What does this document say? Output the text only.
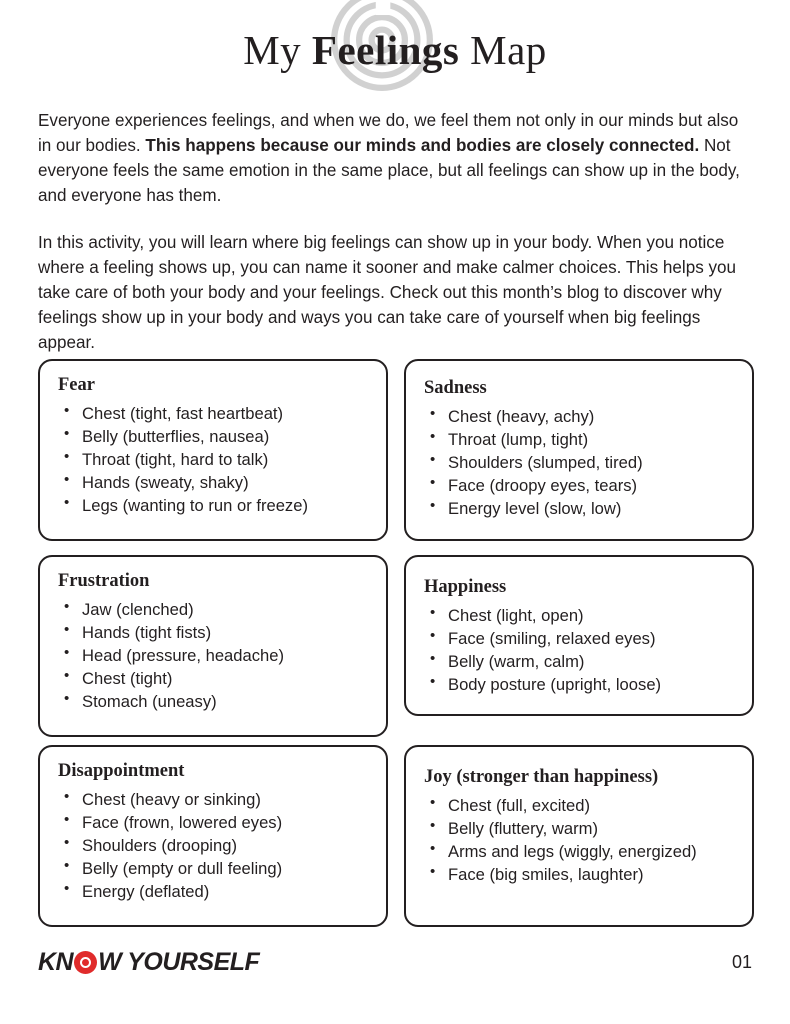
My Feelings Map

Everyone experiences feelings, and when we do, we feel them not only in our minds but also in our bodies. This happens because our minds and bodies are closely connected. Not everyone feels the same emotion in the same place, but all feelings can show up in the body, and everyone has them.

In this activity, you will learn where big feelings can show up in your body. When you notice where a feeling shows up, you can name it sooner and make calmer choices. This helps you take care of both your body and your feelings. Check out this month’s blog to discover why feelings show up in your body and ways you can take care of yourself when big feelings appear.

Fear
• Chest (tight, fast heartbeat)
• Belly (butterflies, nausea)
• Throat (tight, hard to talk)
• Hands (sweaty, shaky)
• Legs (wanting to run or freeze)
Sadness
• Chest (heavy, achy)
• Throat (lump, tight)
• Shoulders (slumped, tired)
• Face (droopy eyes, tears)
• Energy level (slow, low)
Frustration
• Jaw (clenched)
• Hands (tight fists)
• Head (pressure, headache)
• Chest (tight)
• Stomach (uneasy)
Happiness
• Chest (light, open)
• Face (smiling, relaxed eyes)
• Belly (warm, calm)
• Body posture (upright, loose)
Disappointment
• Chest (heavy or sinking)
• Face (frown, lowered eyes)
• Shoulders (drooping)
• Belly (empty or dull feeling)
• Energy (deflated)
Joy (stronger than happiness)
• Chest (full, excited)
• Belly (fluttery, warm)
• Arms and legs (wiggly, energized)
• Face (big smiles, laughter)
KN W YOURSELF	01
